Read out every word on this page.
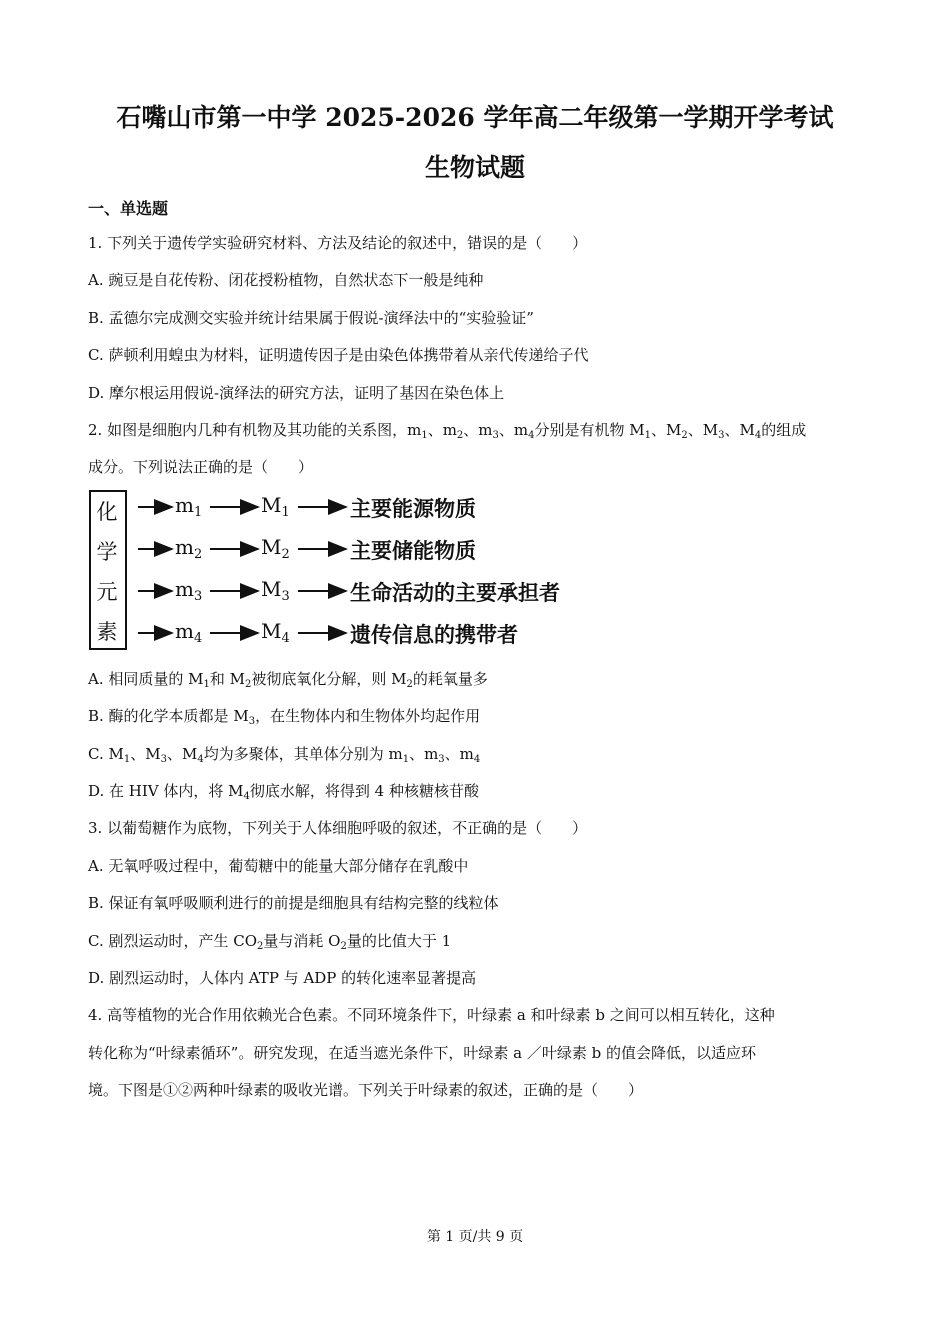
石嘴山市第一中学 2025-2026 学年高二年级第一学期开学考试
生物试题
一、单选题
1. 下列关于遗传学实验研究材料、方法及结论的叙述中，错误的是（　　）
A. 豌豆是自花传粉、闭花授粉植物，自然状态下一般是纯种
B. 孟德尔完成测交实验并统计结果属于假说-演绎法中的“实验验证”
C. 萨顿利用蝗虫为材料，证明遗传因子是由染色体携带着从亲代传递给子代
D. 摩尔根运用假说-演绎法的研究方法，证明了基因在染色体上
2. 如图是细胞内几种有机物及其功能的关系图，$m_1$、$m_2$、$m_3$、$m_4$分别是有机物 $M_1$、$M_2$、$M_3$、$M_4$的组成
成分。下列说法正确的是（　　）
化
学
元
素
$m_1$	$M_1$	主要能源物质
$m_2$	$M_2$	主要储能物质
$m_3$	$M_3$	生命活动的主要承担者
$m_4$	$M_4$	遗传信息的携带者
A. 相同质量的 $M_1$和 $M_2$被彻底氧化分解，则 $M_2$的耗氧量多
B. 酶的化学本质都是 $M_3$，在生物体内和生物体外均起作用
C. $M_1$、$M_3$、$M_4$均为多聚体，其单体分别为 $m_1$、$m_3$、$m_4$
D. 在 HIV 体内，将 $M_4$彻底水解，将得到 4 种核糖核苷酸
3. 以葡萄糖作为底物，下列关于人体细胞呼吸的叙述，不正确的是（　　）
A. 无氧呼吸过程中，葡萄糖中的能量大部分储存在乳酸中
B. 保证有氧呼吸顺利进行的前提是细胞具有结构完整的线粒体
C. 剧烈运动时，产生 $CO_2$量与消耗 $O_2$量的比值大于 1
D. 剧烈运动时，人体内 ATP 与 ADP 的转化速率显著提高
4. 高等植物的光合作用依赖光合色素。不同环境条件下，叶绿素 a 和叶绿素 b 之间可以相互转化，这种
转化称为“叶绿素循环”。研究发现，在适当遮光条件下，叶绿素 a ／叶绿素 b 的值会降低，以适应环
境。下图是①②两种叶绿素的吸收光谱。下列关于叶绿素的叙述，正确的是（　　）
第 1 页/共 9 页
